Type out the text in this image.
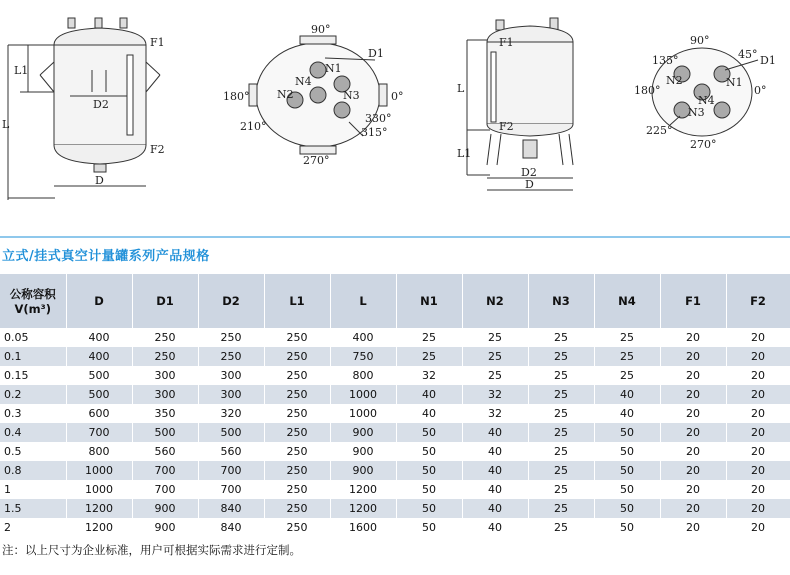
F1
L1
L
D2
F2
D
90°
D1
N1
N4
N2	N3
180°	0°
210°
330°
315°
270°
F1
L
F2
L1
D2
D
90°
135°	45° D1
180°
N2	N1
0°
N4
N3
225°
270°
立式/挂式真空计量罐系列产品规格
公称容积
V(m³)	D	D1	D2	L1	L	N1	N2	N3	N4	F1	F2
0.05	400	250	250	250	400	25	25	25	25	20	20
0.1	400	250	250	250	750	25	25	25	25	20	20
0.15	500	300	300	250	800	32	25	25	25	20	20
0.2	500	300	300	250	1000	40	32	25	40	20	20
0.3	600	350	320	250	1000	40	32	25	40	20	20
0.4	700	500	500	250	900	50	40	25	50	20	20
0.5	800	560	560	250	900	50	40	25	50	20	20
0.8	1000	700	700	250	900	50	40	25	50	20	20
1	1000	700	700	250	1200	50	40	25	50	20	20
1.5	1200	900	840	250	1200	50	40	25	50	20	20
2	1200	900	840	250	1600	50	40	25	50	20	20
注：以上尺寸为企业标准，用户可根据实际需求进行定制。
